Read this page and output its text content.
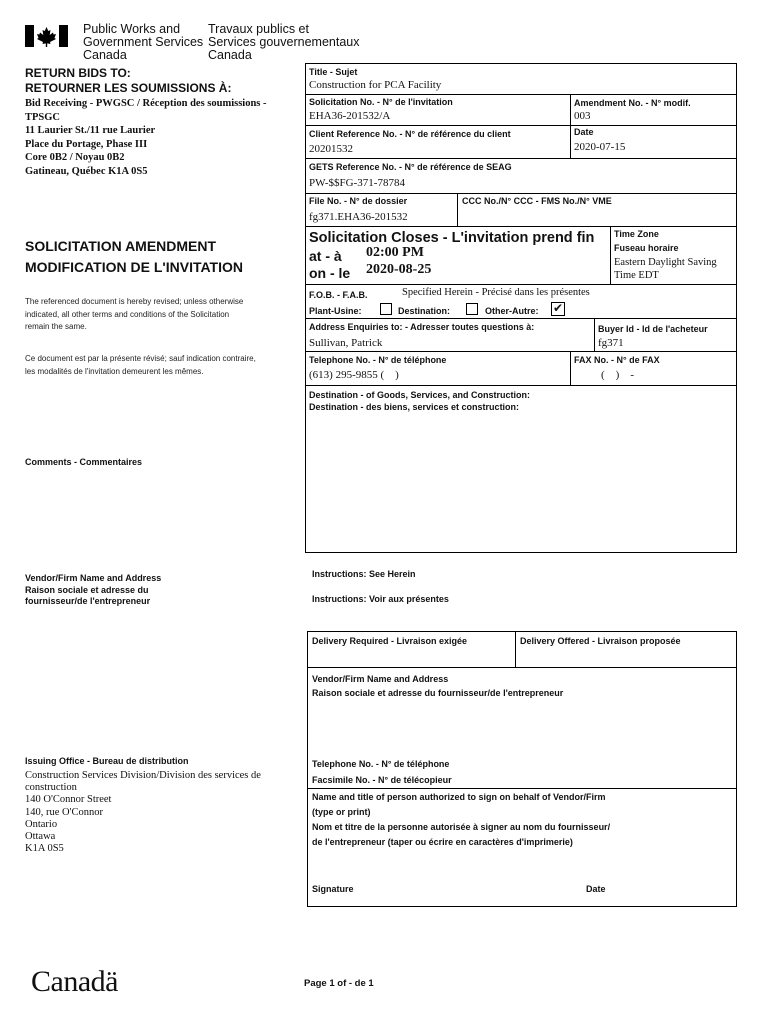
Public Works and
Government Services
Canada
Travaux publics et
Services gouvernementaux
Canada
RETURN BIDS TO:
RETOURNER LES SOUMISSIONS À:
Bid Receiving - PWGSC / Réception des soumissions -
TPSGC
11 Laurier St./11 rue Laurier
Place du Portage, Phase III
Core 0B2 / Noyau 0B2
Gatineau, Québec K1A 0S5
SOLICITATION AMENDMENT
MODIFICATION DE L'INVITATION
The referenced document is hereby revised; unless otherwise
indicated, all other terms and conditions of the Solicitation
remain the same.
Ce document est par la présente révisé; sauf indication contraire,
les modalités de l'invitation demeurent les mêmes.
Comments - Commentaires
Vendor/Firm Name and Address
Raison sociale et adresse du
fournisseur/de l'entrepreneur
Issuing Office - Bureau de distribution
Construction Services Division/Division des services de
construction
140 O'Connor Street
140, rue O'Connor
Ontario
Ottawa
K1A 0S5
Title - Sujet
Construction for PCA Facility
Solicitation No. - N° de l'invitation
EHA36-201532/A
Amendment No. - N° modif.
003
Client Reference No. - N° de référence du client
20201532
Date
2020-07-15
GETS Reference No. - N° de référence de SEAG
PW-$$FG-371-78784
File No. - N° de dossier
fg371.EHA36-201532
CCC No./N° CCC - FMS No./N° VME
Solicitation Closes - L'invitation prend fin
at - à 02:00 PM
on - le 2020-08-25
Time Zone
Fuseau horaire
Eastern Daylight Saving
Time EDT
F.O.B. - F.A.B.	Specified Herein - Précisé dans les présentes
Plant-Usine:	Destination:	Other-Autre: ✔
Address Enquiries to: - Adresser toutes questions à:
Sullivan, Patrick
Buyer Id - Id de l'acheteur
fg371
Telephone No. - N° de téléphone
(613) 295-9855 (    )
FAX No. - N° de FAX
(    )    -
Destination - of Goods, Services, and Construction:
Destination - des biens, services et construction:
Instructions: See Herein
Instructions: Voir aux présentes
Delivery Required - Livraison exigée	Delivery Offered - Livraison proposée
Vendor/Firm Name and Address
Raison sociale et adresse du fournisseur/de l'entrepreneur
Telephone No. - N° de téléphone
Facsimile No. - N° de télécopieur
Name and title of person authorized to sign on behalf of Vendor/Firm
(type or print)
Nom et titre de la personne autorisée à signer au nom du fournisseur/
de l'entrepreneur (taper ou écrire en caractères d'imprimerie)
Signature	Date
Canadä	Page 1 of - de 1
